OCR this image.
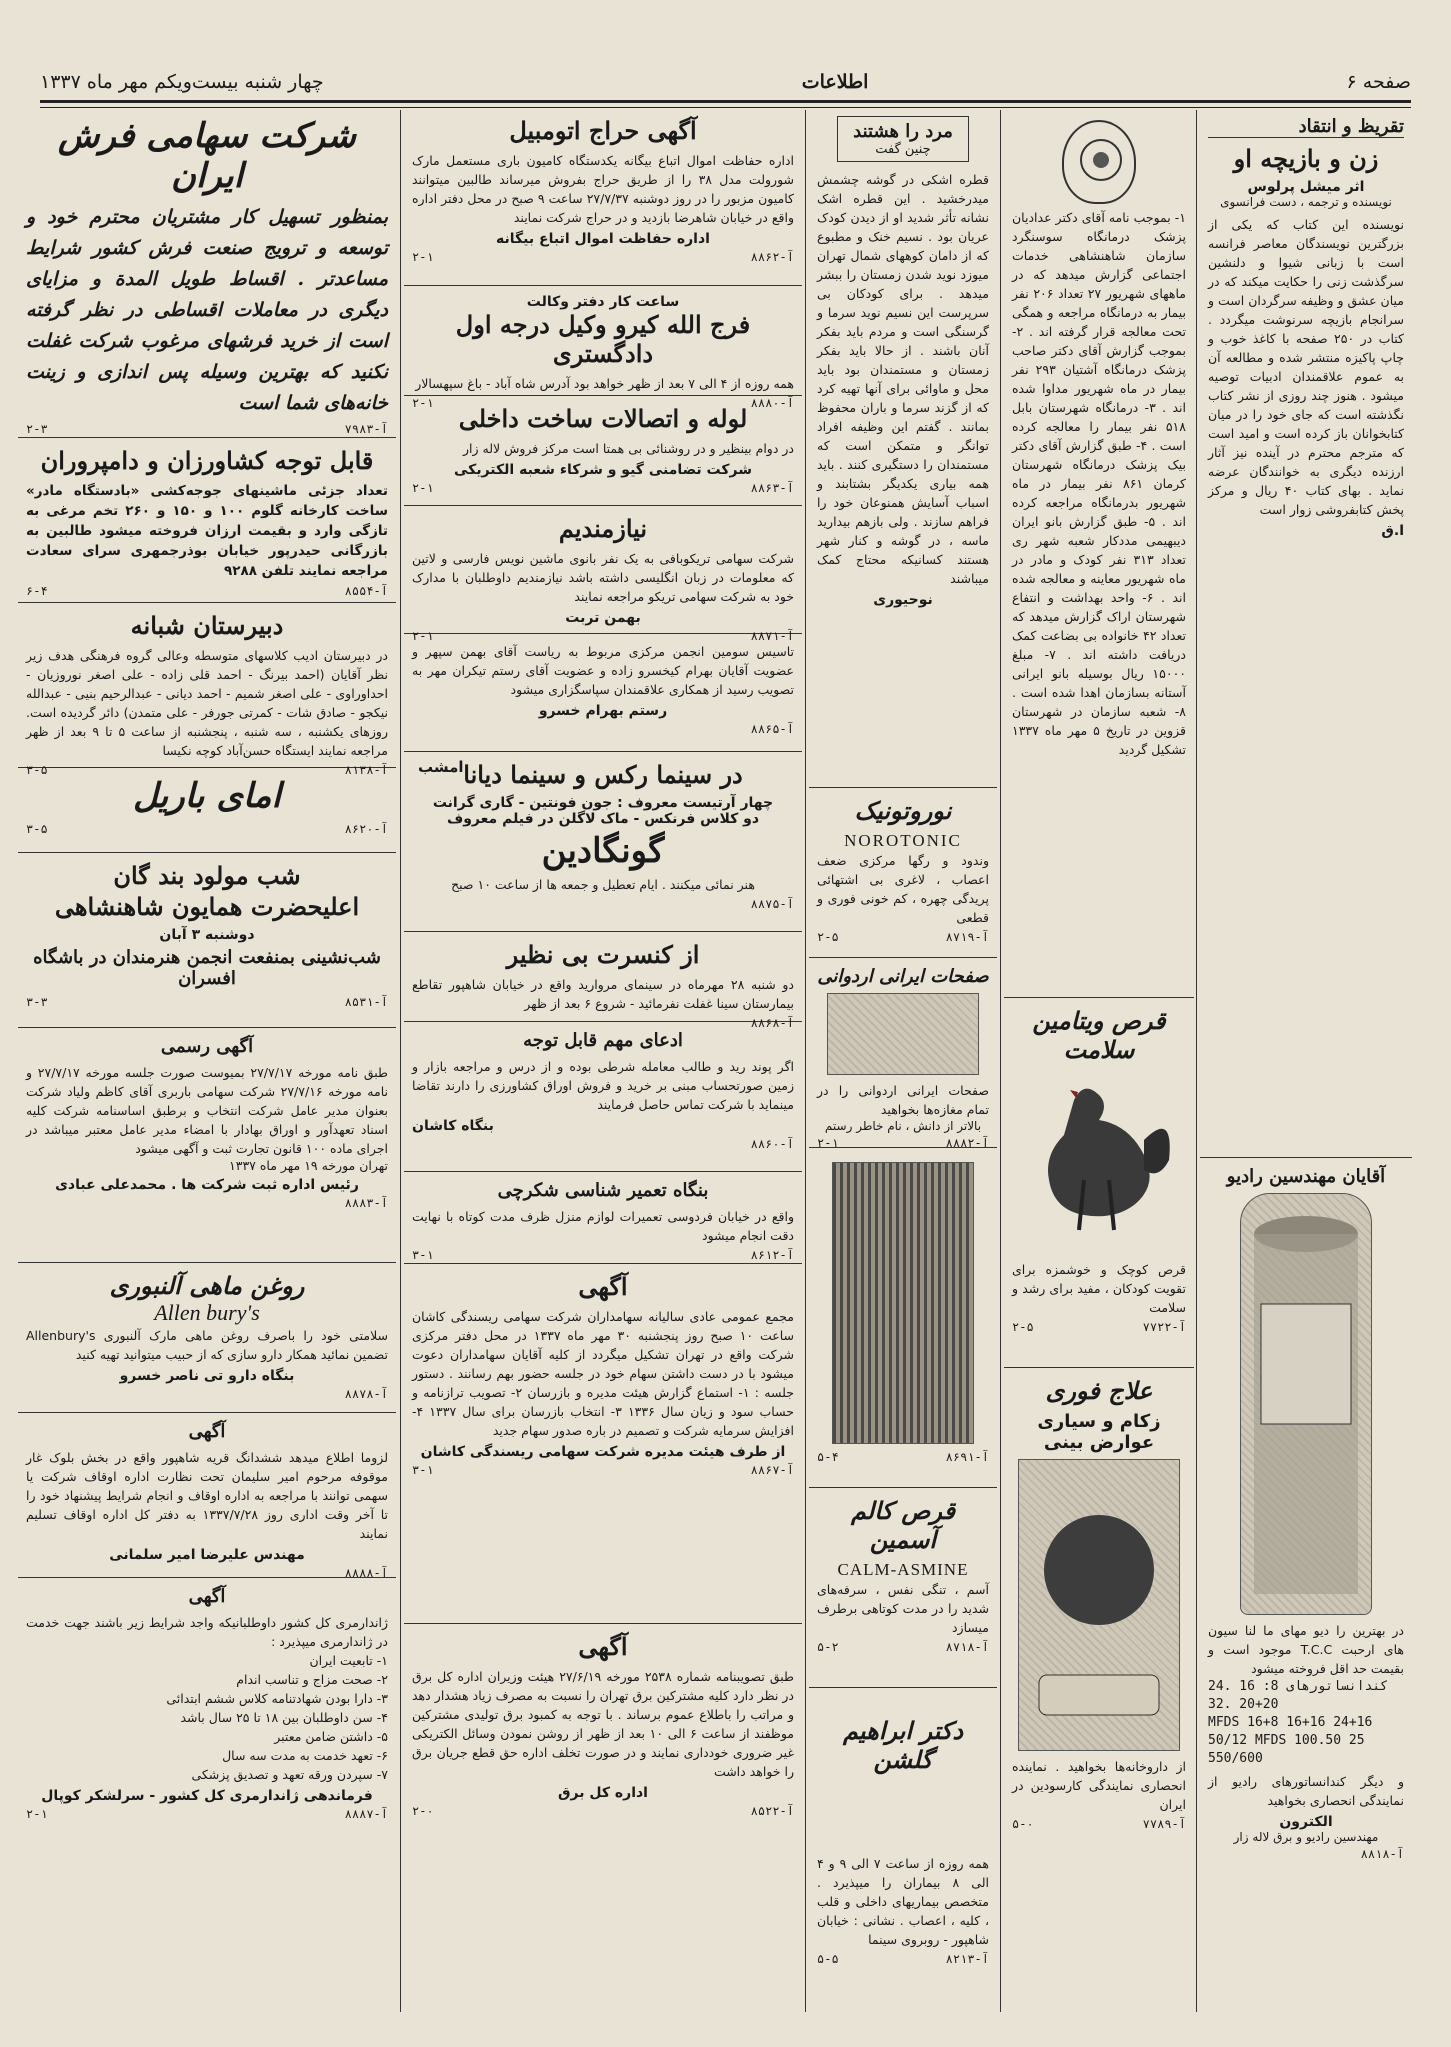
صفحه ۶
اطلاعات
چهار شنبه بیست‌ویکم مهر ماه ۱۳۳۷
تقریظ و انتقاد
زن و بازیچه او
اثر میشل پرلوس
نویسنده و ترجمه ، دست فرانسوی

نویسنده این کتاب که یکی از بزرگترین نویسندگان معاصر فرانسه است با زبانی شیوا و دلنشین سرگذشت زنی را حکایت میکند که در میان عشق و وظیفه سرگردان است و سرانجام بازیچه سرنوشت میگردد . کتاب در ۲۵۰ صفحه با کاغذ خوب و چاپ پاکیزه منتشر شده و مطالعه آن به عموم علاقمندان ادبیات توصیه میشود . هنوز چند روزی از نشر کتاب نگذشته است که جای خود را در میان کتابخوانان باز کرده است و امید است که مترجم محترم در آینده نیز آثار ارزنده دیگری به خوانندگان عرضه نماید . بهای کتاب ۴۰ ریال و مرکز پخش کتابفروشی زوار است

ا.ق
آقایان مهندسین رادیو

در بهترین را دیو مهای ما لنا سیون های ارحبت T.C.C موجود است و بقیمت حد اقل فروخته میشود

24. 16 :8 کندانساتورهای
32. 20+20
MFDS 16+8 16+16 24+16
50/12 MFDS 100.50 25
550/600

و دیگر کندانساتورهای رادیو از نمایندگی انحصاری بخواهید

الکترون
مهندسین رادیو و برق لاله زار
آ-۸۸۱۸

۱- بموجب نامه آقای دکتر عدادیان پزشک درمانگاه سوسنگرد سازمان شاهنشاهی خدمات اجتماعی گزارش میدهد که در ماههای شهریور ۲۷ تعداد ۲۰۶ نفر بیمار به درمانگاه مراجعه و همگی تحت معالجه قرار گرفته اند . ۲- بموجب گزارش آقای دکتر صاحب پزشک درمانگاه آشتیان ۲۹۳ نفر بیمار در ماه شهریور مداوا شده اند . ۳- درمانگاه شهرستان بابل ۵۱۸ نفر بیمار را معالجه کرده است . ۴- طبق گزارش آقای دکتر بیک پزشک درمانگاه شهرستان کرمان ۸۶۱ نفر بیمار در ماه شهریور بدرمانگاه مراجعه کرده اند . ۵- طبق گزارش بانو ایران دیبهیمی مددکار شعبه شهر ری تعداد ۳۱۳ نفر کودک و مادر در ماه شهریور معاینه و معالجه شده اند . ۶- واحد بهداشت و انتفاع شهرستان اراک گزارش میدهد که تعداد ۴۲ خانواده بی بضاعت کمک دریافت داشته اند . ۷- مبلغ ۱۵۰۰۰ ریال بوسیله بانو ایرانی آستانه بسازمان اهدا شده است . ۸- شعبه سازمان در شهرستان قزوین در تاریخ ۵ مهر ماه ۱۳۳۷ تشکیل گردید

قرص ویتامین سلامت

قرص کوچک و خوشمزه برای تقویت کودکان ، مفید برای رشد و سلامت

آ-۷۷۲۲
۲-۵
علاج فوری
زکام و سیاری
عوارض بینی

از داروخانه‌ها بخواهید . نماینده انحصاری نمایندگی کارسودین در ایران

آ-۷۷۸۹
۵-۰
مرد را هشتند
چنین گفت

قطره اشکی در گوشه چشمش میدرخشید . این قطره اشک نشانه تأثر شدید او از دیدن کودک عریان بود . نسیم خنک و مطبوع که از دامان کوههای شمال تهران میوزد نوید شدن زمستان را ببشر میدهد . برای کودکان بی سرپرست این نسیم نوید سرما و گرسنگی است و مردم باید بفکر آنان باشند . از حالا باید بفکر زمستان و مستمندان بود باید محل و ماوائی برای آنها تهیه کرد که از گزند سرما و باران محفوظ بمانند . گفتم این وظیفه افراد توانگر و متمکن است که مستمندان را دستگیری کنند . باید همه بیاری یکدیگر بشتابند و اسباب آسایش همنوعان خود را فراهم سازند . ولی بازهم بیدارید ماسه ، در گوشه و کنار شهر هستند کسانیکه محتاج کمک میباشند

نوحیوری
نوروتونیک
NOROTONIC

وندود و رگها مرکزی ضعف اعصاب ، لاغری بی اشتهائی پریدگی چهره ، کم خونی فوری و قطعی

آ-۸۷۱۹
۲-۵
صفحات ایرانی اردوانی

صفحات ایرانی اردوانی را در تمام مغازه‌ها بخواهید

بالاتر از دانش ، نام خاطر رستم
آ-۸۸۸۲
۲-۱
آ-۸۶۹۱
۵-۴
قرص کالم آسمین
CALM-ASMINE

آسم ، تنگی نفس ، سرفه‌های شدید را در مدت کوتاهی برطرف میسازد

آ-۸۷۱۸
۵-۲
دکتر ابراهیم گلشن

همه روزه از ساعت ۷ الی ۹ و ۴ الی ۸ بیماران را میپذیرد . متخصص بیماریهای داخلی و قلب ، کلیه ، اعصاب . نشانی : خیابان شاهپور - روبروی سینما

آ-۸۲۱۳
۵-۵
آگهی حراج اتومبیل

اداره حفاظت اموال اتباع بیگانه یکدستگاه کامیون باری مستعمل مارک شورولت مدل ۳۸ را از طریق حراج بفروش میرساند طالبین میتوانند کامیون مزبور را در روز دوشنبه ۲۷/۷/۳۷ ساعت ۹ صبح در محل دفتر اداره واقع در خیابان شاهرضا بازدید و در حراج شرکت نمایند

اداره حفاظت اموال اتباع بیگانه
آ-۸۸۶۲
۲-۱
ساعت کار دفتر وکالت
فرج الله کیرو وکیل درجه اول دادگستری

همه روزه از ۴ الی ۷ بعد از ظهر خواهد بود آدرس شاه آباد - باغ سپهسالار

آ-۸۸۸۰
۲-۱
لوله و اتصالات ساخت داخلی

در دوام بینظیر و در روشنائی بی همتا است مرکز فروش لاله زار

شرکت تضامنی گیو و شرکاء شعبه الکتریکی
آ-۸۸۶۳
۲-۱
نیازمندیم

شرکت سهامی تریکوبافی به یک نفر بانوی ماشین نویس فارسی و لاتین که معلومات در زبان انگلیسی داشته باشد نیازمندیم داوطلبان با مدارک خود به شرکت سهامی تریکو مراجعه نمایند

بهمن تربت
آ-۸۸۷۱
۲-۱

تاسیس سومین انجمن مرکزی مربوط به ریاست آقای بهمن سپهر و عضویت آقایان بهرام کیخسرو زاده و عضویت آقای رستم تیکران مهر به تصویب رسید از همکاری علاقمندان سپاسگزاری میشود

رستم بهرام خسرو
آ-۸۸۶۵
امشب در سینما رکس و سینما دیانا
چهار آرتیست معروف : جون فونتین - گاری گرانت
دو کلاس فرنکس - ماک لاگلن در فیلم معروف
گونگادین

هنر نمائی میکنند . ایام تعطیل و جمعه ها از ساعت ۱۰ صبح

آ-۸۸۷۵
از کنسرت بی نظیر

دو شنبه ۲۸ مهرماه در سینمای مروارید واقع در خیابان شاهپور تقاطع بیمارستان سینا غفلت نفرمائید - شروع ۶ بعد از ظهر

آ-۸۸۶۸
ادعای مهم قابل توجه

اگر پوند رید و طالب معامله شرطی بوده و از درس و مراجعه بازار و زمین صورتحساب مبنی بر خرید و فروش اوراق کشاورزی را دارند تقاضا مینماید با شرکت تماس حاصل فرمایند

بنگاه کاشان
آ-۸۸۶۰
بنگاه تعمیر شناسی شکرچی

واقع در خیابان فردوسی تعمیرات لوازم منزل ظرف مدت کوتاه با نهایت دقت انجام میشود

آ-۸۶۱۲
۳-۱
آگهی

مجمع عمومی عادی سالیانه سهامداران شرکت سهامی ریسندگی کاشان ساعت ۱۰ صبح روز پنجشنبه ۳۰ مهر ماه ۱۳۳۷ در محل دفتر مرکزی شرکت واقع در تهران تشکیل میگردد از کلیه آقایان سهامداران دعوت میشود با در دست داشتن سهام خود در جلسه حضور بهم رسانند . دستور جلسه : ۱- استماع گزارش هیئت مدیره و بازرسان ۲- تصویب ترازنامه و حساب سود و زیان سال ۱۳۳۶ ۳- انتخاب بازرسان برای سال ۱۳۳۷ ۴- افزایش سرمایه شرکت و تصمیم در باره صدور سهام جدید

از طرف هیئت مدیره شرکت سهامی ریسندگی کاشان
آ-۸۸۶۷
۳-۱
آگهی

طبق تصویبنامه شماره ۲۵۳۸ مورخه ۲۷/۶/۱۹ هیئت وزیران اداره کل برق در نظر دارد کلیه مشترکین برق تهران را نسبت به مصرف زیاد هشدار دهد و مراتب را باطلاع عموم برساند . با توجه به کمبود برق تولیدی مشترکین موظفند از ساعت ۶ الی ۱۰ بعد از ظهر از روشن نمودن وسائل الکتریکی غیر ضروری خودداری نمایند و در صورت تخلف اداره حق قطع جریان برق را خواهد داشت

اداره کل برق
آ-۸۵۲۲
۲-۰
شرکت سهامی فرش ایران

بمنظور تسهیل کار مشتریان محترم خود و توسعه و ترویج صنعت فرش کشور شرایط مساعدتر . اقساط طویل المدة و مزایای دیگری در معاملات اقساطی در نظر گرفته است از خرید فرشهای مرغوب شرکت غفلت نکنید که بهترین وسیله پس اندازی و زینت خانه‌های شما است

آ-۷۹۸۳
۲-۳
قابل توجه کشاورزان و دامپروران

تعداد جزئی ماشینهای جوجه‌کشی «بادستگاه مادر» ساخت کارخانه گلوم ۱۰۰ و ۱۵۰ و ۲۶۰ تخم مرغی به تازگی وارد و بقیمت ارزان فروخته میشود طالبین به بازرگانی حیدرپور خیابان بوذرجمهری سرای سعادت مراجعه نمایند تلفن ۹۲۸۸

آ-۸۵۵۴
۶-۴
دبیرستان شبانه

در دبیرستان ادیب کلاسهای متوسطه وعالی گروه فرهنگی هدف زیر نظر آقایان (احمد بیرنگ - احمد قلی زاده - علی اصغر نوروزیان - احداوراوی - علی اصغر شمیم - احمد دیانی - عبدالرحیم بنیی - عبدالله نیکجو - صادق شات - کمرتی جورفر - علی متمدن) دائر گردیده است. روزهای یکشنبه ، سه شنبه ، پنجشنبه از ساعت ۵ تا ۹ بعد از ظهر مراجعه نمایند ایستگاه حسن‌آباد کوچه نکیسا

آ-۸۱۳۸
۳-۵
امای باریل
آ-۸۶۲۰
۳-۵
شب مولود بند گان
اعلیحضرت همایون شاهنشاهی
دوشنبه ۳ آبان
شب‌نشینی بمنفعت انجمن هنرمندان در باشگاه افسران
آ-۸۵۳۱
۳-۳
آگهی رسمی

طبق نامه مورخه ۲۷/۷/۱۷ بمیوست صورت جلسه مورخه ۲۷/۷/۱۷ و نامه مورخه ۲۷/۷/۱۶ شرکت سهامی باربری آقای کاظم ولیاد شرکت بعنوان مدیر عامل شرکت انتخاب و برطبق اساسنامه شرکت کلیه اسناد تعهدآور و اوراق بهادار با امضاء مدیر عامل معتبر میباشد در اجرای ماده ۱۰۰ قانون تجارت ثبت و آگهی میشود

تهران مورخه ۱۹ مهر ماه ۱۳۳۷
رئیس اداره ثبت شرکت ها . محمدعلی عبادی
آ-۸۸۸۳
روغن ماهی آلنبوری
Allen bury's

سلامتی خود را باصرف روغن ماهی مارک آلنبوری Allenbury's تضمین نمائید همکار دارو سازی که از حبیب میتوانید تهیه کنید

بنگاه دارو تی ناصر خسرو
آ-۸۸۷۸
آگهی

لزوما اطلاع میدهد ششدانگ قریه شاهپور واقع در بخش بلوک غار موقوفه مرحوم امیر سلیمان تحت نظارت اداره اوقاف شرکت یا سهمی توانند با مراجعه به اداره اوقاف و انجام شرایط پیشنهاد خود را تا آخر وقت اداری روز ۱۳۳۷/۷/۲۸ به دفتر کل اداره اوقاف تسلیم نمایند

مهندس علیرضا امیر سلمانی
آ-۸۸۸۸
آگهی

ژاندارمری کل کشور داوطلبانیکه واجد شرایط زیر باشند جهت خدمت در ژاندارمری میپذیرد :

۱- تابعیت ایران

۲- صحت مزاج و تناسب اندام

۳- دارا بودن شهادتنامه کلاس ششم ابتدائی

۴- سن داوطلبان بین ۱۸ تا ۲۵ سال باشد

۵- داشتن ضامن معتبر

۶- تعهد خدمت به مدت سه سال

۷- سپردن ورقه تعهد و تصدیق پزشکی

فرماندهی ژاندارمری کل کشور - سرلشکر کوپال
آ-۸۸۸۷
۲-۱
